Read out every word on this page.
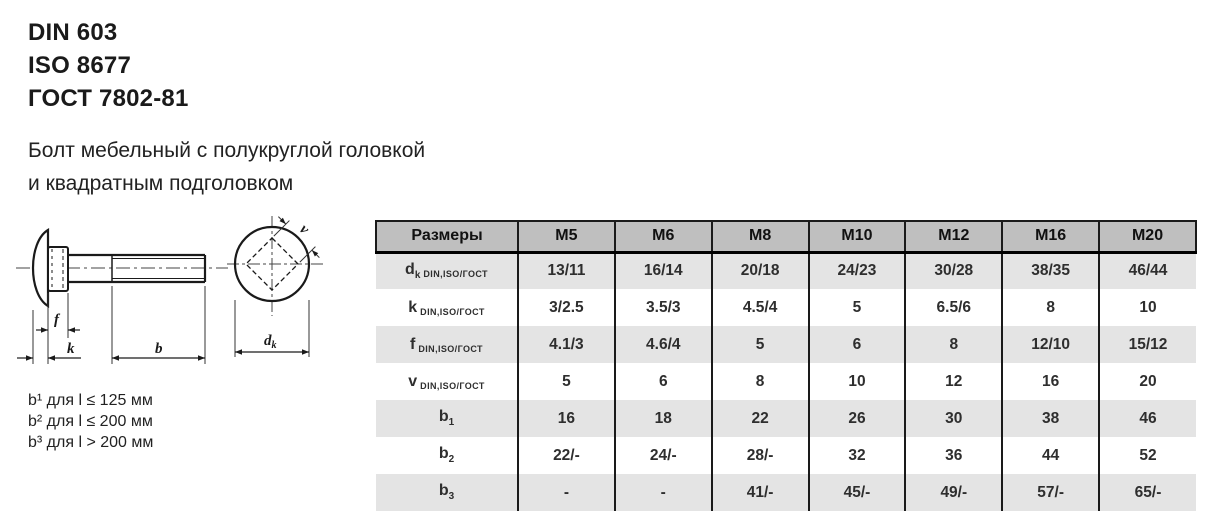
DIN 603
ISO 8677
ГОСТ 7802-81
Болт мебельный с полукруглой головкой
и квадратным подголовком
f
k	b
v
$d_k$
b¹ для l ≤ 125 мм
b² для l ≤ 200 мм
b³ для l > 200 мм
Размеры	M5	M6	M8	M10	M12	M16	M20
$d_k$ DIN,ISO/ГОСТ	13/11	16/14	20/18	24/23	30/28	38/35	46/44
k DIN,ISO/ГОСТ	3/2.5	3.5/3	4.5/4	5	6.5/6	8	10
f DIN,ISO/ГОСТ	4.1/3	4.6/4	5	6	8	12/10	15/12
v DIN,ISO/ГОСТ	5	6	8	10	12	16	20
$b_1$	16	18	22	26	30	38	46
$b_2$	22/-	24/-	28/-	32	36	44	52
$b_3$	-	-	41/-	45/-	49/-	57/-	65/-
